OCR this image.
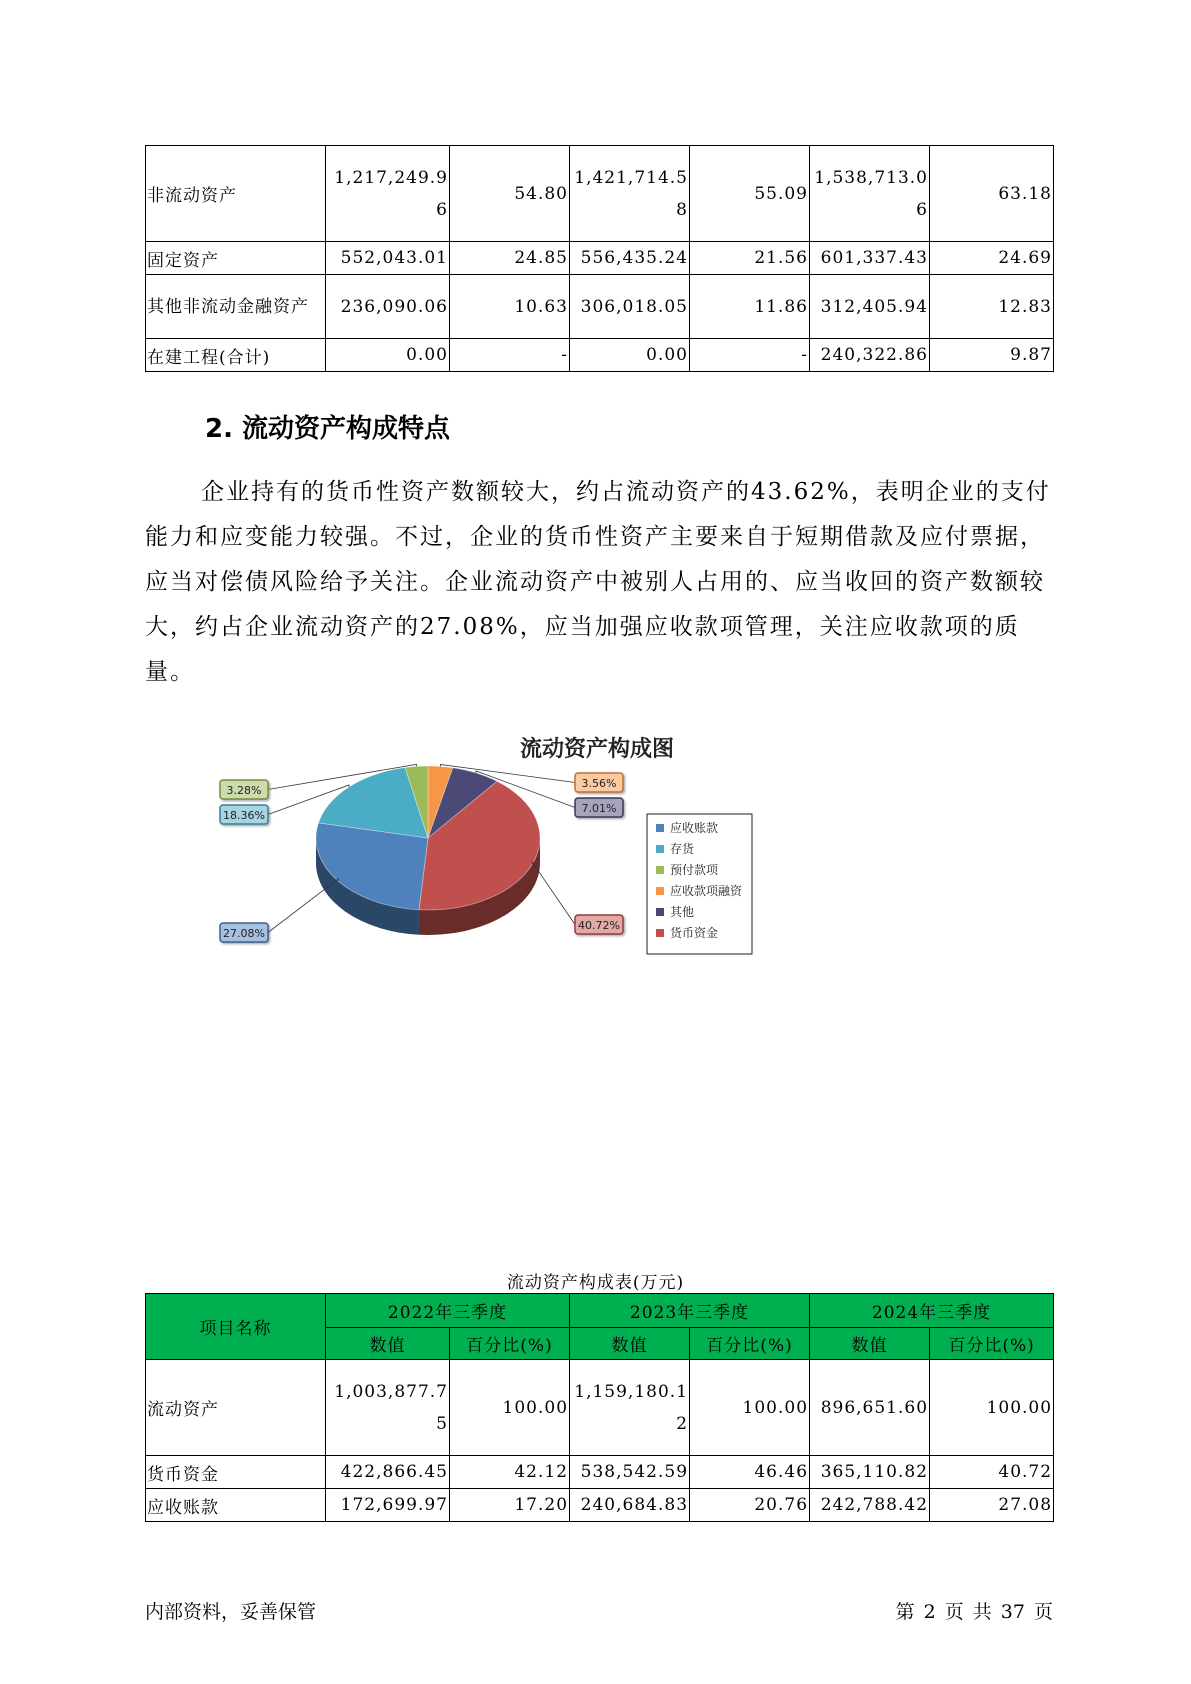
非流动资产	1,217,249.96	54.80	1,421,714.58	55.09	1,538,713.06	63.18
固定资产	552,043.01	24.85	556,435.24	21.56	601,337.43	24.69
其他非流动金融资产	236,090.06	10.63	306,018.05	11.86	312,405.94	12.83
在建工程(合计)	0.00	-	0.00	-	240,322.86	9.87
2. 流动资产构成特点

企业持有的货币性资产数额较大，约占流动资产的43.62%，表明企业的支付能力和应变能力较强。不过，企业的货币性资产主要来自于短期借款及应付票据，应当对偿债风险给予关注。企业流动资产中被别人占用的、应当收回的资产数额较大，约占企业流动资产的27.08%，应当加强应收款项管理，关注应收款项的质量。

流动资产构成图
3.56%
7.01%
40.72%
27.08%
18.36%
3.28%
应收账款
存货
预付款项
应收款项融资
其他
货币资金
流动资产构成表(万元)
项目名称	2022年三季度		2023年三季度		2024年三季度	
	数值	百分比(%)	数值	百分比(%)	数值	百分比(%)
流动资产	1,003,877.75	100.00	1,159,180.12	100.00	896,651.60	100.00
货币资金	422,866.45	42.12	538,542.59	46.46	365,110.82	40.72
应收账款	172,699.97	17.20	240,684.83	20.76	242,788.42	27.08
内部资料，妥善保管	第 2 页 共 37 页
